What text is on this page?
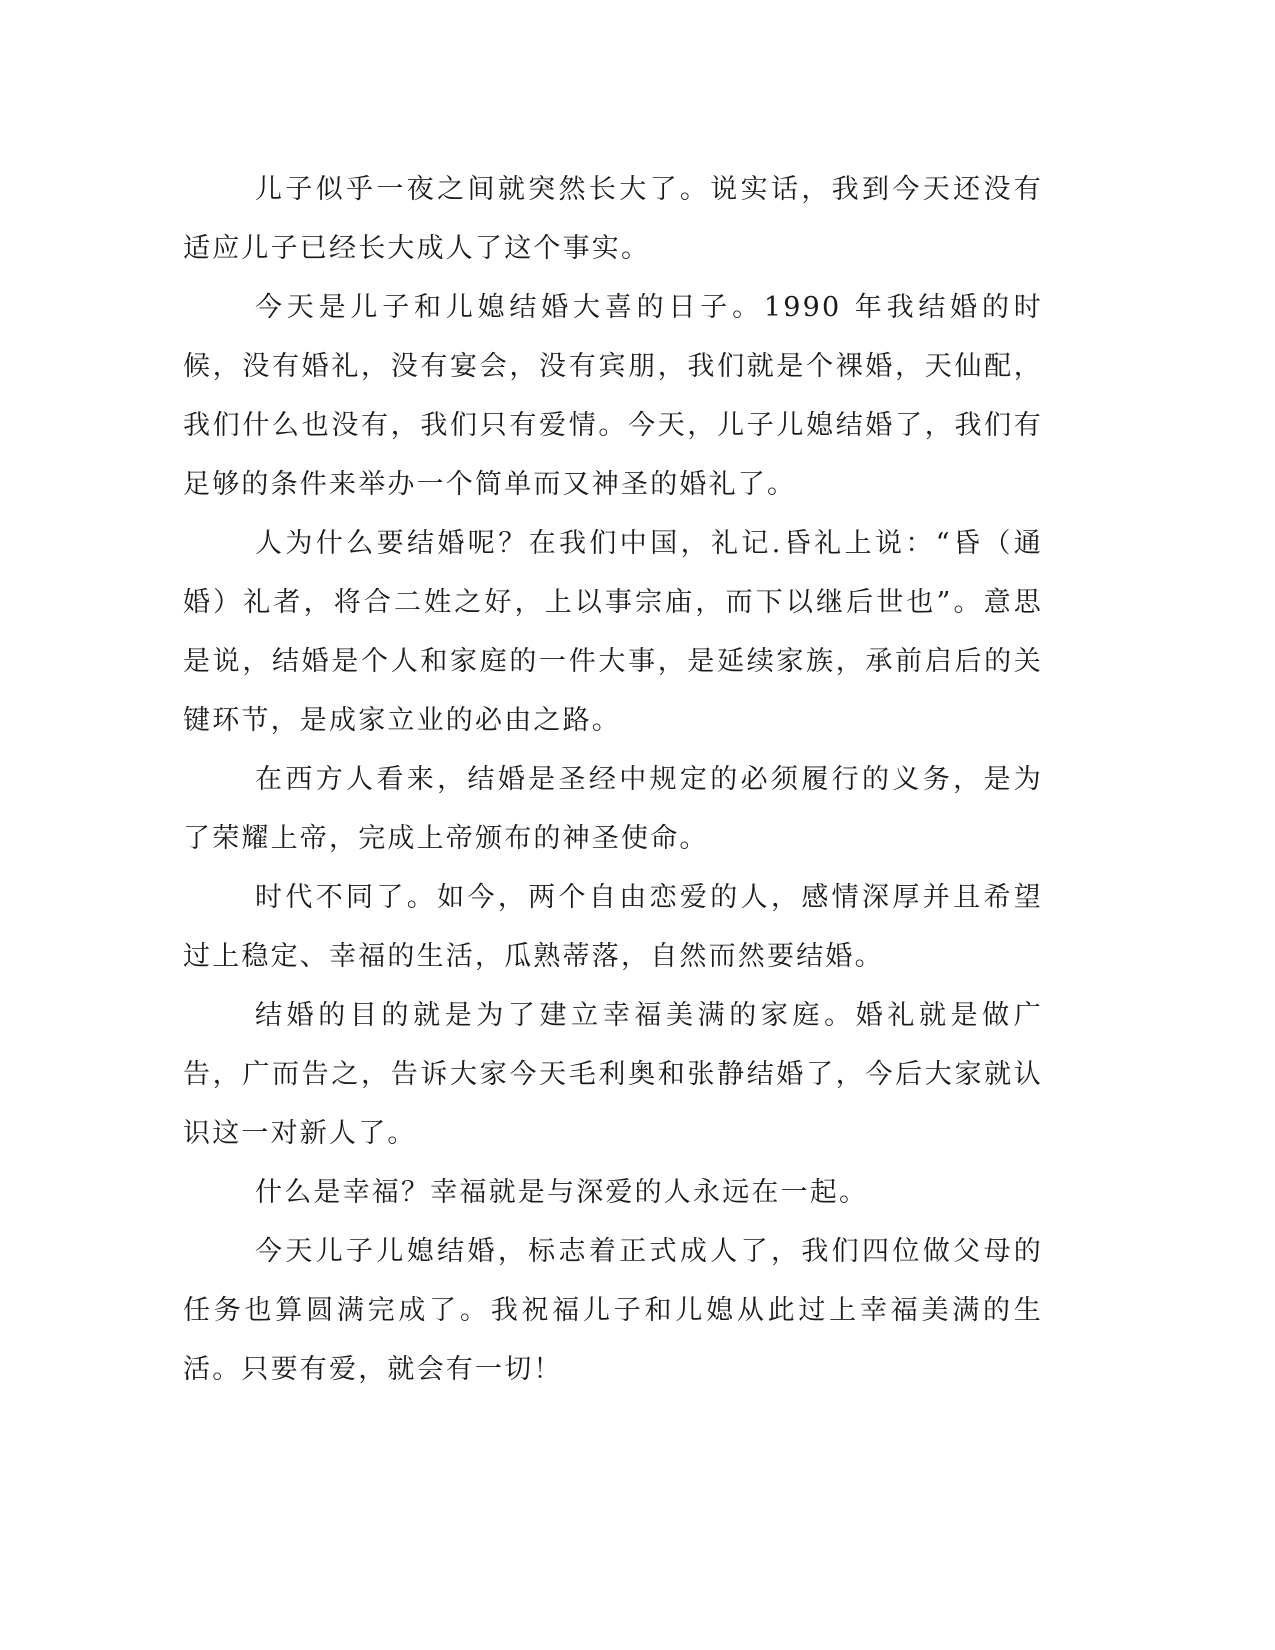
儿子似乎一夜之间就突然长大了。说实话，我到今天还没有适应儿子已经长大成人了这个事实。

今天是儿子和儿媳结婚大喜的日子。1990 年我结婚的时候，没有婚礼，没有宴会，没有宾朋，我们就是个裸婚，天仙配，我们什么也没有，我们只有爱情。今天，儿子儿媳结婚了，我们有足够的条件来举办一个简单而又神圣的婚礼了。

人为什么要结婚呢？在我们中国，礼记.昏礼上说：“昏（通婚）礼者，将合二姓之好，上以事宗庙，而下以继后世也”。意思是说，结婚是个人和家庭的一件大事，是延续家族，承前启后的关键环节，是成家立业的必由之路。

在西方人看来，结婚是圣经中规定的必须履行的义务，是为了荣耀上帝，完成上帝颁布的神圣使命。

时代不同了。如今，两个自由恋爱的人，感情深厚并且希望过上稳定、幸福的生活，瓜熟蒂落，自然而然要结婚。

结婚的目的就是为了建立幸福美满的家庭。婚礼就是做广告，广而告之，告诉大家今天毛利奥和张静结婚了，今后大家就认识这一对新人了。

什么是幸福？幸福就是与深爱的人永远在一起。

今天儿子儿媳结婚，标志着正式成人了，我们四位做父母的任务也算圆满完成了。我祝福儿子和儿媳从此过上幸福美满的生活。只要有爱，就会有一切！
